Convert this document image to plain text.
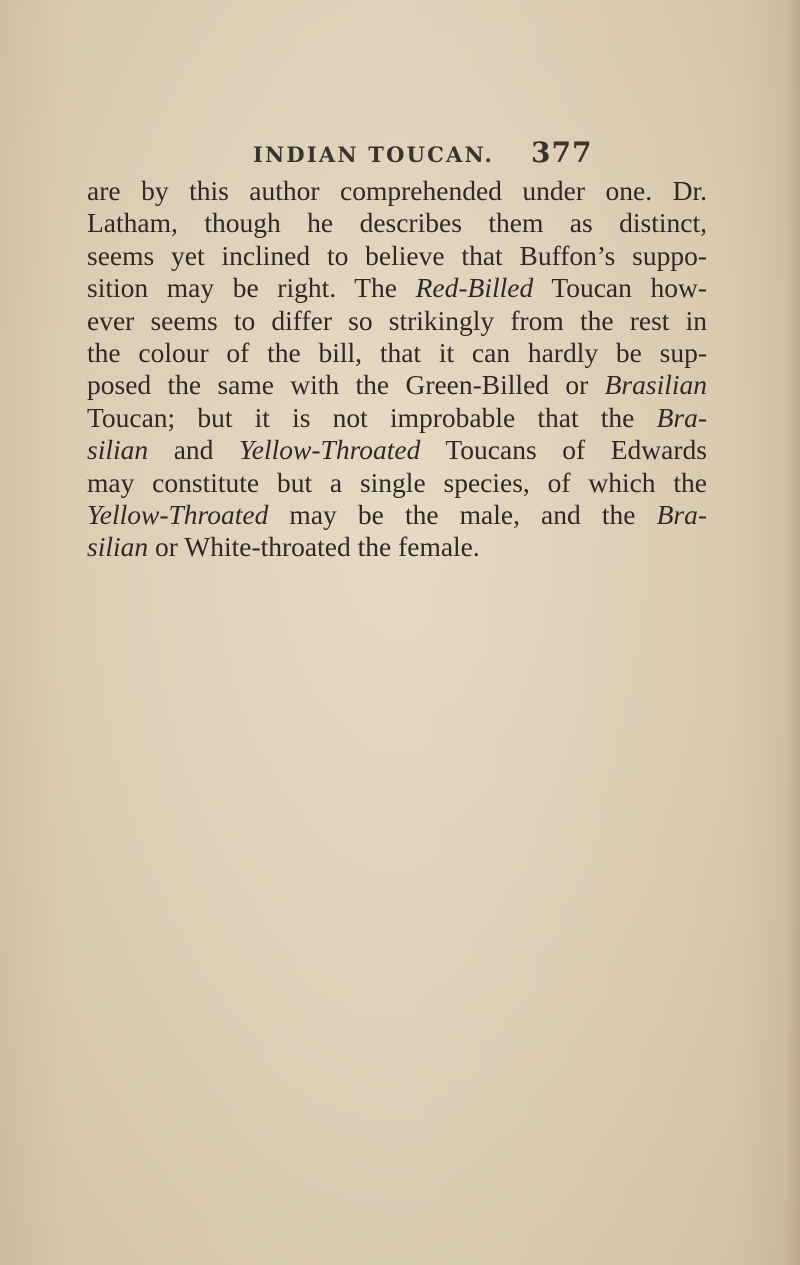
INDIAN TOUCAN. 377
are by this author comprehended under one. Dr.
Latham, though he describes them as distinct,
seems yet inclined to believe that Buffon’s suppo-
sition may be right. The Red-Billed Toucan how-
ever seems to differ so strikingly from the rest in
the colour of the bill, that it can hardly be sup-
posed the same with the Green-Billed or Brasilian
Toucan; but it is not improbable that the Bra-
silian and Yellow-Throated Toucans of Edwards
may constitute but a single species, of which the
Yellow-Throated may be the male, and the Bra-
silian or White-throated the female.
